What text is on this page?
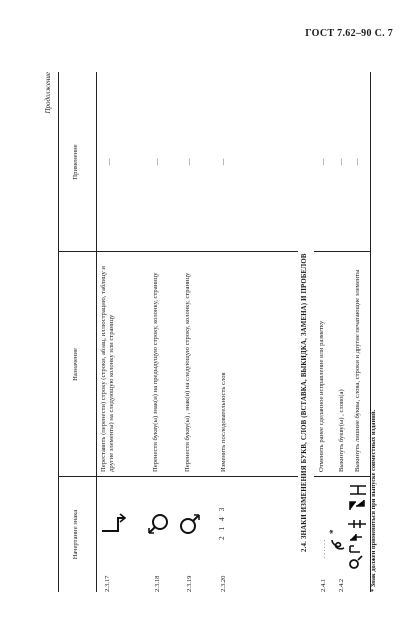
ГОСТ 7.62–90 С. 7
Продолжение
Начертание знака
Назначение
Применение
2.3.17
Переставить (перенести) строку (строки, абзац, иллюстрацию, таблицу и другие элементы) на следующую колонку или страницу
—
2.3.18
Перенести букву(ы) знак(и) на предыдущую строку, колонку, страницу
—
2.3.19
Перенести букву(ы) , знак(и) на следующую строку, колонку, страницу
—
2.3.20
2 1 4 3
Изменить последовательность слов
—
2.4. ЗНАКИ ИЗМЕНЕНИЯ БУКВ, СЛОВ (ВСТАВКА, ВЫКИДКА, ЗАМЕНА) И ПРОБЕЛОВ
2.4.1
. . . . . .
Отменить ранее сделанное исправление или разметку
—
2.4.2
*
Выкинуть букву(ы) , слово(а)
—
Выкинуть лишние буквы, слова, строки и другие печатающие элементы
—
* Знак должен применяться при выпуске совместных изданий.
